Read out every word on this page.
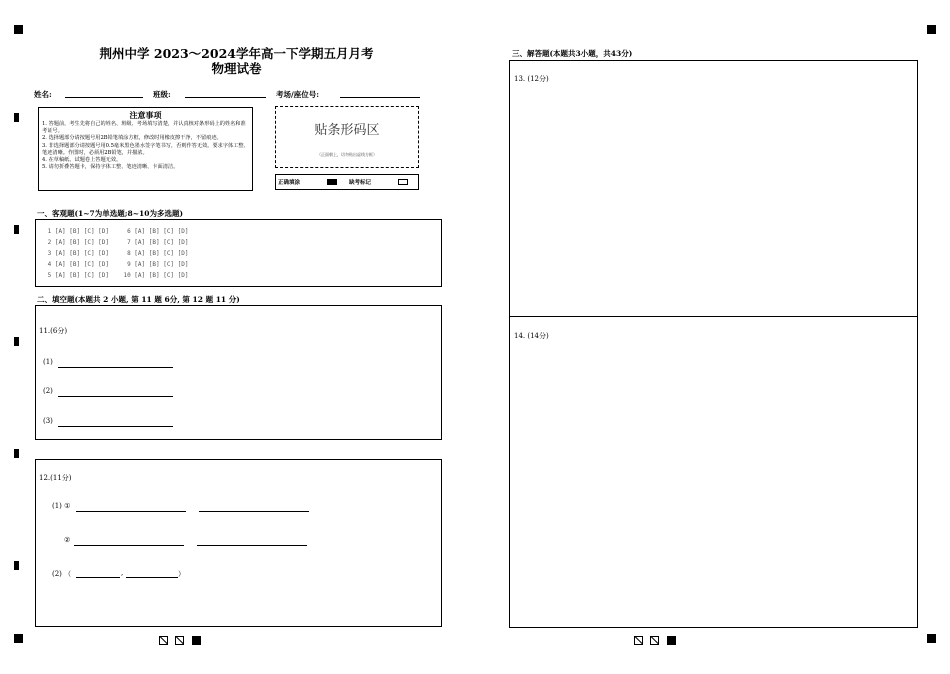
荆州中学 2023～2024学年高一下学期五月月考
物理试卷
姓名:	班级:	考场/座位号:
注意事项
1. 答题前，考生先将自己的姓名、班级、考场填写清楚，并认真核对条形码上的姓名和准考证号。
2. 选择题部分请按题号用2B铅笔填涂方框，修改时用橡皮擦干净，不留痕迹。
3. 非选择题部分请按题号用0.5毫米黑色墨水签字笔书写，否则作答无效。要求字体工整、笔迹清晰。作图时，必须用2B铅笔，并描浓。
4. 在草稿纸、试题卷上答题无效。
5. 请勿折叠答题卡，保持字体工整、笔迹清晰、卡面清洁。
贴条形码区
（正面朝上，切勿贴出虚线方框）
正确填涂	缺考标记
一、客观题(1~7为单选题;8~10为多选题)
1 [A] [B] [C] [D]     6 [A] [B] [C] [D]
2 [A] [B] [C] [D]     7 [A] [B] [C] [D]
3 [A] [B] [C] [D]     8 [A] [B] [C] [D]
4 [A] [B] [C] [D]     9 [A] [B] [C] [D]
5 [A] [B] [C] [D]    10 [A] [B] [C] [D]
二、填空题(本题共 2 小题, 第 11 题 6分, 第 12 题 11 分)
11.(6分)
(1)
(2)
(3)
12.(11分)
(1) ①
②
(2) （	,	）
三、解答题(本题共3小题，共43分)
13. (12分)
14. (14分)
